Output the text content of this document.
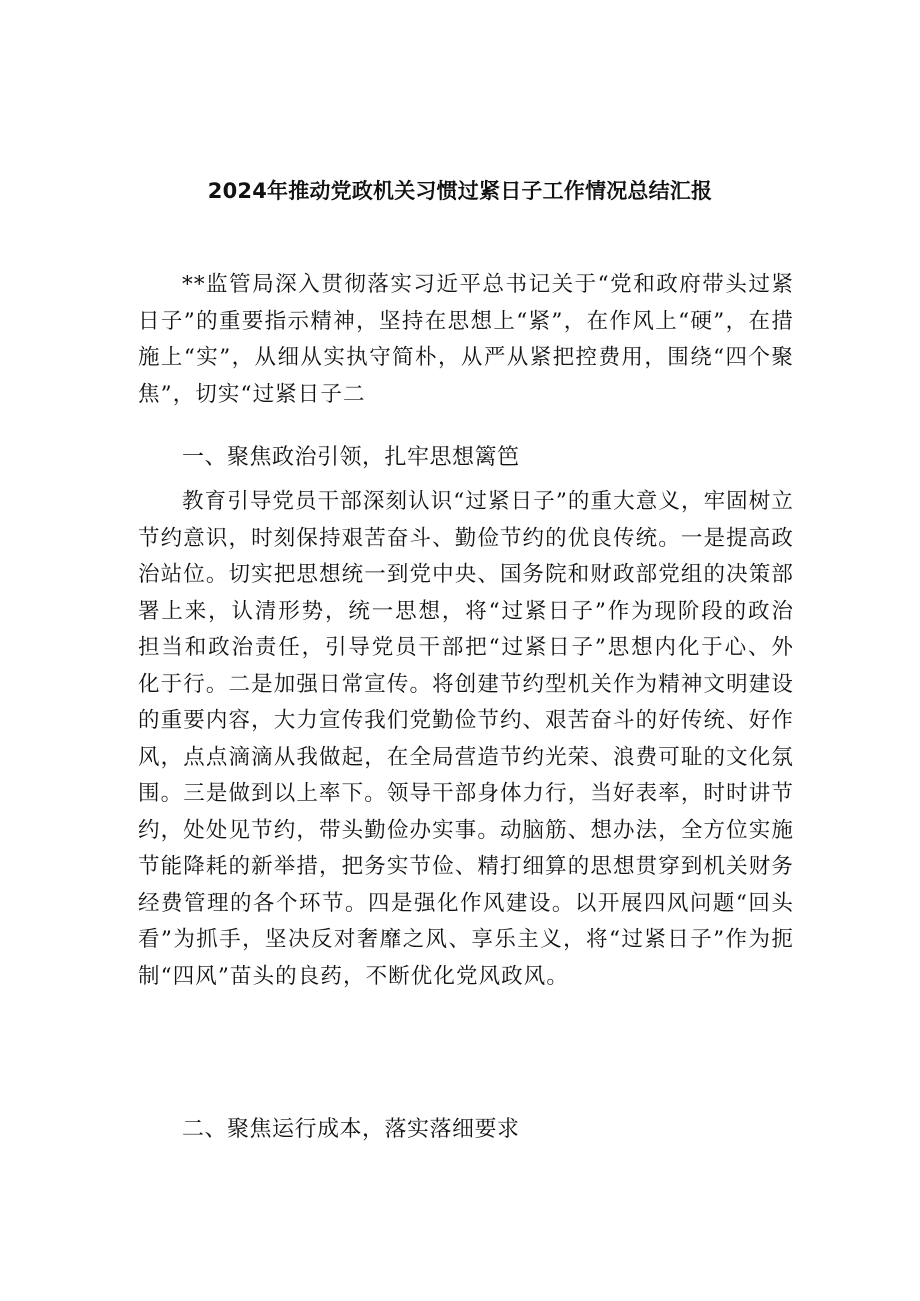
2024年推动党政机关习惯过紧日子工作情况总结汇报

**监管局深入贯彻落实习近平总书记关于“党和政府带头过紧日子”的重要指示精神，坚持在思想上“紧”，在作风上“硬”，在措施上“实”，从细从实执守简朴，从严从紧把控费用，围绕“四个聚焦”，切实“过紧日子二

一、聚焦政治引领，扎牢思想篱笆

教育引导党员干部深刻认识“过紧日子”的重大意义，牢固树立节约意识，时刻保持艰苦奋斗、勤俭节约的优良传统。一是提高政治站位。切实把思想统一到党中央、国务院和财政部党组的决策部署上来，认清形势，统一思想，将“过紧日子”作为现阶段的政治担当和政治责任，引导党员干部把“过紧日子”思想内化于心、外化于行。二是加强日常宣传。将创建节约型机关作为精神文明建设的重要内容，大力宣传我们党勤俭节约、艰苦奋斗的好传统、好作风，点点滴滴从我做起，在全局营造节约光荣、浪费可耻的文化氛围。三是做到以上率下。领导干部身体力行，当好表率，时时讲节约，处处见节约，带头勤俭办实事。动脑筋、想办法，全方位实施节能降耗的新举措，把务实节俭、精打细算的思想贯穿到机关财务经费管理的各个环节。四是强化作风建设。以开展四风问题“回头看”为抓手，坚决反对奢靡之风、享乐主义，将“过紧日子”作为扼制“四风”苗头的良药，不断优化党风政风。

二、聚焦运行成本，落实落细要求
